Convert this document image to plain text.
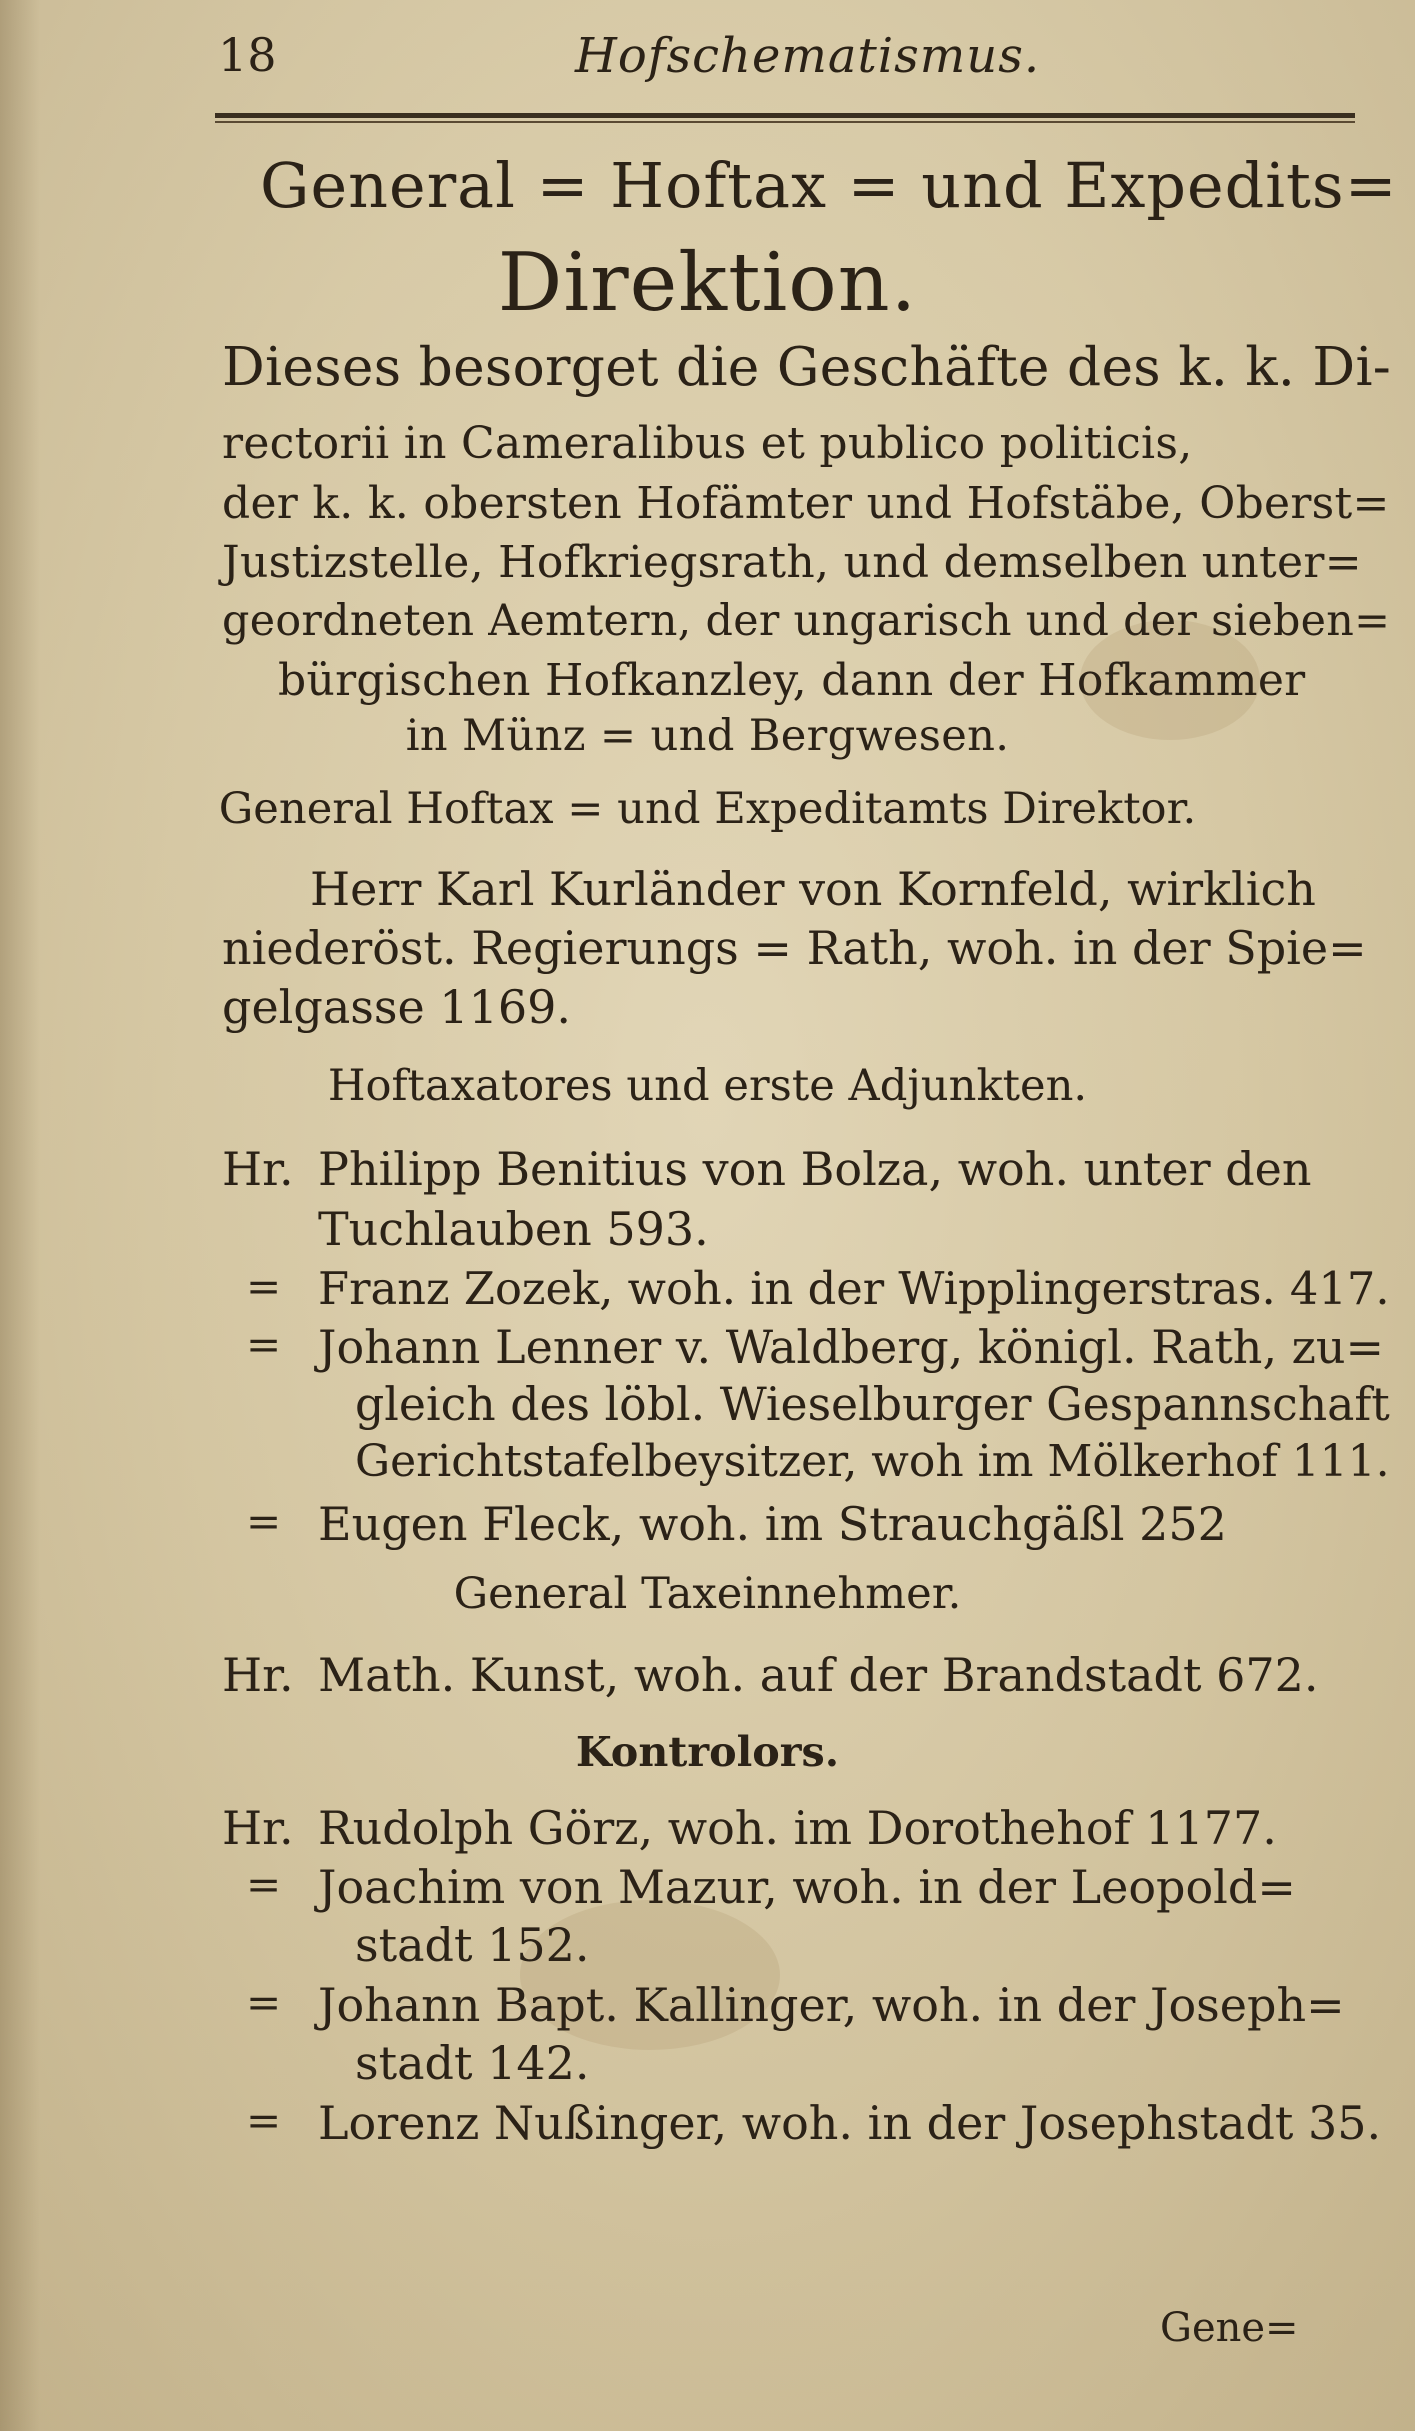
18	Hofschematismus.
General = Hoftax = und Expedits=
Direktion.
Dieses besorget die Geschäfte des k. k. Di-
rectorii in Cameralibus et publico politicis,
der k. k. obersten Hofämter und Hofstäbe, Oberst=
Justizstelle, Hofkriegsrath, und demselben unter=
geordneten Aemtern, der ungarisch und der sieben=
bürgischen Hofkanzley, dann der Hofkammer
in Münz = und Bergwesen.
General Hoftax = und Expeditamts Direktor.
Herr Karl Kurländer von Kornfeld, wirklich
niederöst. Regierungs = Rath, woh. in der Spie=
gelgasse 1169.
Hoftaxatores und erste Adjunkten.
Hr. Philipp Benitius von Bolza, woh. unter den
Tuchlauben 593.
= Franz Zozek, woh. in der Wipplingerstras. 417.
= Johann Lenner v. Waldberg, königl. Rath, zu=
gleich des löbl. Wieselburger Gespannschaft
Gerichtstafelbeysitzer, woh im Mölkerhof 111.
= Eugen Fleck, woh. im Strauchgäßl 252
General Taxeinnehmer.
Hr. Math. Kunst, woh. auf der Brandstadt 672.
Kontrolors.
Hr. Rudolph Görz, woh. im Dorothehof 1177.
= Joachim von Mazur, woh. in der Leopold=
stadt 152.
= Johann Bapt. Kallinger, woh. in der Joseph=
stadt 142.
= Lorenz Nußinger, woh. in der Josephstadt 35.
Gene=
